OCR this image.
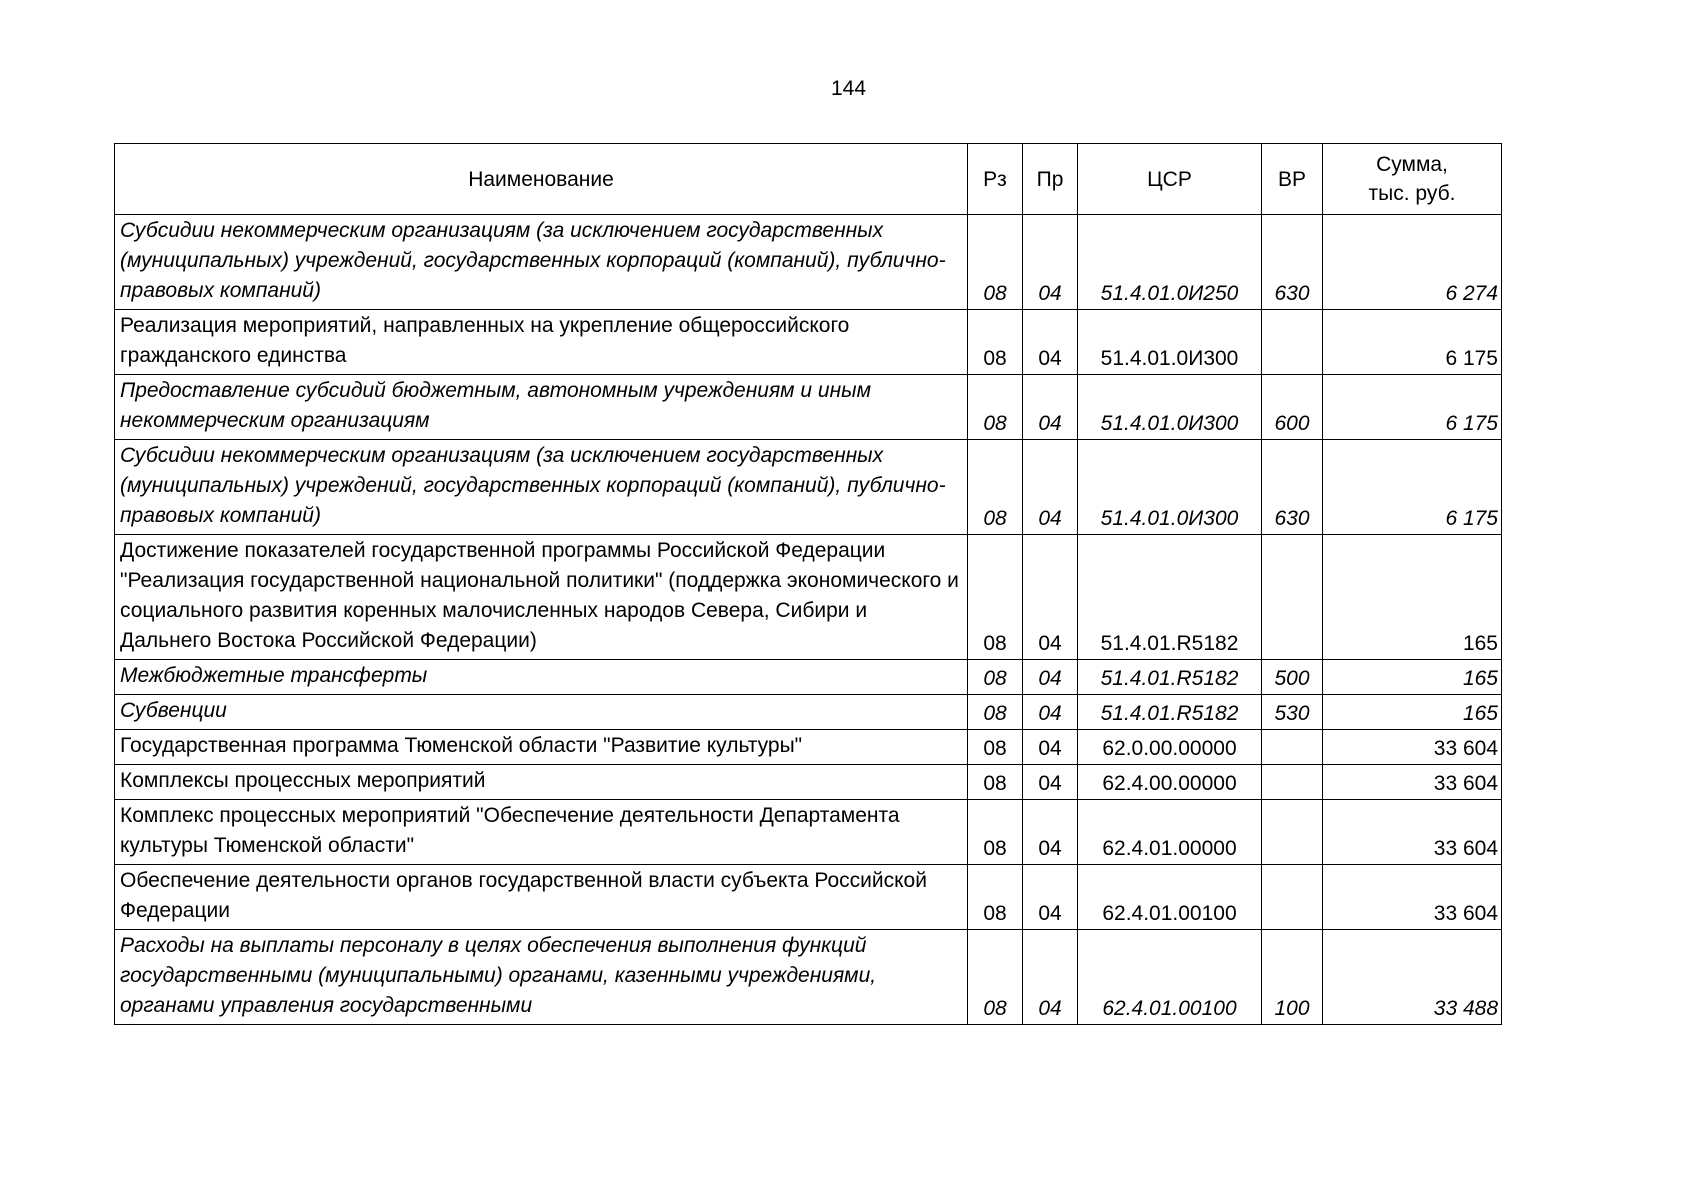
144
Наименование	Рз	Пр	ЦСР	ВР	Сумма,
тыс. руб.
Субсидии некоммерческим организациям (за исключением государственных (муниципальных) учреждений, государственных корпораций (компаний), публично-правовых компаний)	08	04	51.4.01.0И250	630	6 274
Реализация мероприятий, направленных на укрепление общероссийского гражданского единства	08	04	51.4.01.0И300		6 175
Предоставление субсидий бюджетным, автономным учреждениям и иным некоммерческим организациям	08	04	51.4.01.0И300	600	6 175
Субсидии некоммерческим организациям (за исключением государственных (муниципальных) учреждений, государственных корпораций (компаний), публично-правовых компаний)	08	04	51.4.01.0И300	630	6 175
Достижение показателей государственной программы Российской Федерации "Реализация государственной национальной политики" (поддержка экономического и социального развития коренных малочисленных народов Севера, Сибири и Дальнего Востока Российской Федерации)	08	04	51.4.01.R5182		165
Межбюджетные трансферты	08	04	51.4.01.R5182	500	165
Субвенции	08	04	51.4.01.R5182	530	165
Государственная программа Тюменской области "Развитие культуры"	08	04	62.0.00.00000		33 604
Комплексы процессных мероприятий	08	04	62.4.00.00000		33 604
Комплекс процессных мероприятий "Обеспечение деятельности Департамента культуры Тюменской области"	08	04	62.4.01.00000		33 604
Обеспечение деятельности органов государственной власти субъекта Российской Федерации	08	04	62.4.01.00100		33 604
Расходы на выплаты персоналу в целях обеспечения выполнения функций государственными (муниципальными) органами, казенными учреждениями, органами управления государственными	08	04	62.4.01.00100	100	33 488
